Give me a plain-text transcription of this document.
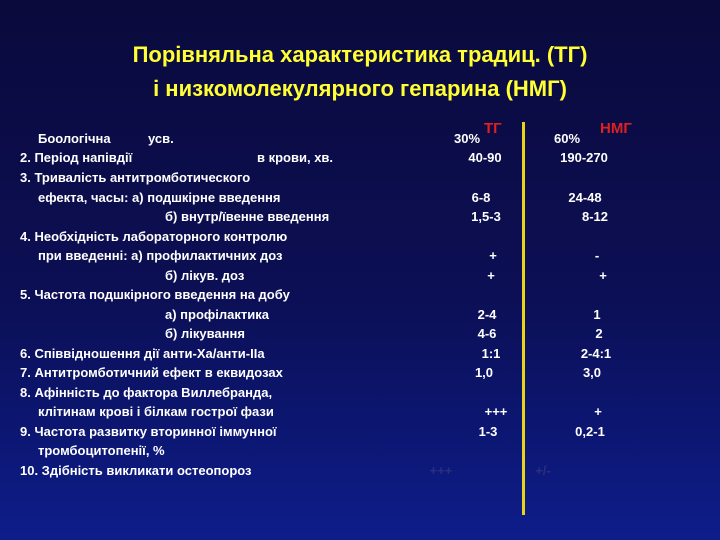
Порівняльна характеристика традиц. (ТГ)
і низкомолекулярного гепарина (НМГ)
ТГ	НМГ
Боологічна	усв.	30%	60%
2. Період напівдії	в крови, хв.	40-90	190-270
3. Тривалість антитромботического
ефекта, часы: а) подшкірне введення	6-8	24-48
б) внутр/ївенне введення	1,5-3	8-12
4. Необхідність лабораторного контролю
при введенні: а) профилактичних доз	+	-
б) лікув. доз	+	+
5. Частота подшкірного введення на добу
а) профілактика	2-4	1
б) лікування	4-6	2
6. Співвідношення дії анти-Ха/анти-ІІа	1:1	2-4:1
7. Антитромботичний ефект в еквидозах	1,0	3,0
8. Афінність до фактора Виллебранда,
клітинам крові і білкам гострої фази	+++	+
9. Частота развитку вторинної іммунної	1-3	0,2-1
тромбоцитопенії, %
10. Здібність викликати остеопороз	+++	+/-
